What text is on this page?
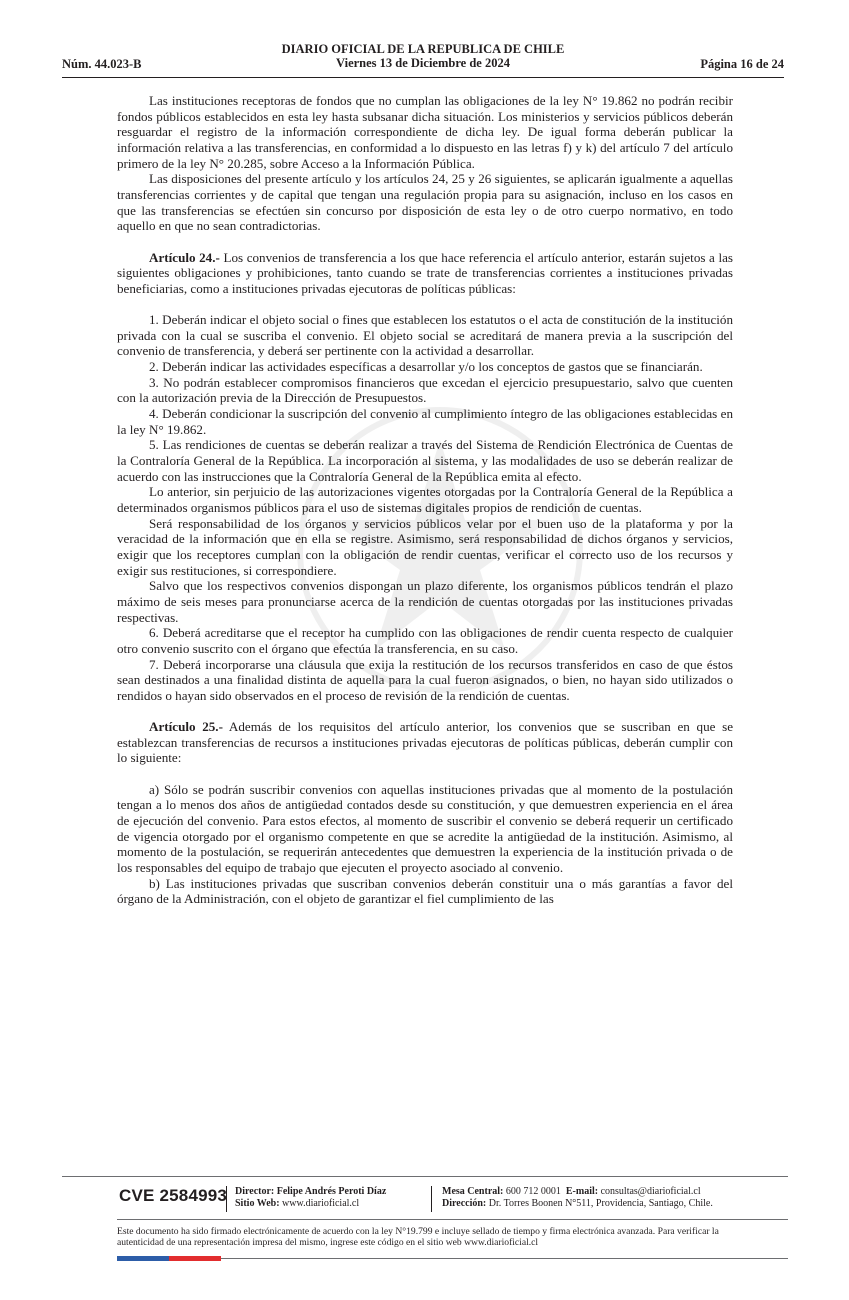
Núm. 44.023-B
DIARIO OFICIAL DE LA REPUBLICA DE CHILE
Viernes 13 de Diciembre de 2024	Página 16 de 24

Las instituciones receptoras de fondos que no cumplan las obligaciones de la ley N° 19.862 no podrán recibir fondos públicos establecidos en esta ley hasta subsanar dicha situación. Los ministerios y servicios públicos deberán resguardar el registro de la información correspondiente de dicha ley. De igual forma deberán publicar la información relativa a las transferencias, en conformidad a lo dispuesto en las letras f) y k) del artículo 7 del artículo primero de la ley N° 20.285, sobre Acceso a la Información Pública.

Las disposiciones del presente artículo y los artículos 24, 25 y 26 siguientes, se aplicarán igualmente a aquellas transferencias corrientes y de capital que tengan una regulación propia para su asignación, incluso en los casos en que las transferencias se efectúen sin concurso por disposición de esta ley o de otro cuerpo normativo, en todo aquello en que no sean contradictorias.

Artículo 24.- Los convenios de transferencia a los que hace referencia el artículo anterior, estarán sujetos a las siguientes obligaciones y prohibiciones, tanto cuando se trate de transferencias corrientes a instituciones privadas beneficiarias, como a instituciones privadas ejecutoras de políticas públicas:

1. Deberán indicar el objeto social o fines que establecen los estatutos o el acta de constitución de la institución privada con la cual se suscriba el convenio. El objeto social se acreditará de manera previa a la suscripción del convenio de transferencia, y deberá ser pertinente con la actividad a desarrollar.

2. Deberán indicar las actividades específicas a desarrollar y/o los conceptos de gastos que se financiarán.

3. No podrán establecer compromisos financieros que excedan el ejercicio presupuestario, salvo que cuenten con la autorización previa de la Dirección de Presupuestos.

4. Deberán condicionar la suscripción del convenio al cumplimiento íntegro de las obligaciones establecidas en la ley N° 19.862.

5. Las rendiciones de cuentas se deberán realizar a través del Sistema de Rendición Electrónica de Cuentas de la Contraloría General de la República. La incorporación al sistema, y las modalidades de uso se deberán realizar de acuerdo con las instrucciones que la Contraloría General de la República emita al efecto.

Lo anterior, sin perjuicio de las autorizaciones vigentes otorgadas por la Contraloría General de la República a determinados organismos públicos para el uso de sistemas digitales propios de rendición de cuentas.

Será responsabilidad de los órganos y servicios públicos velar por el buen uso de la plataforma y por la veracidad de la información que en ella se registre. Asimismo, será responsabilidad de dichos órganos y servicios, exigir que los receptores cumplan con la obligación de rendir cuentas, verificar el correcto uso de los recursos y exigir sus restituciones, si correspondiere.

Salvo que los respectivos convenios dispongan un plazo diferente, los organismos públicos tendrán el plazo máximo de seis meses para pronunciarse acerca de la rendición de cuentas otorgadas por las instituciones privadas respectivas.

6. Deberá acreditarse que el receptor ha cumplido con las obligaciones de rendir cuenta respecto de cualquier otro convenio suscrito con el órgano que efectúa la transferencia, en su caso.

7. Deberá incorporarse una cláusula que exija la restitución de los recursos transferidos en caso de que éstos sean destinados a una finalidad distinta de aquella para la cual fueron asignados, o bien, no hayan sido utilizados o rendidos o hayan sido observados en el proceso de revisión de la rendición de cuentas.

Artículo 25.- Además de los requisitos del artículo anterior, los convenios que se suscriban en que se establezcan transferencias de recursos a instituciones privadas ejecutoras de políticas públicas, deberán cumplir con lo siguiente:

a) Sólo se podrán suscribir convenios con aquellas instituciones privadas que al momento de la postulación tengan a lo menos dos años de antigüedad contados desde su constitución, y que demuestren experiencia en el área de ejecución del convenio. Para estos efectos, al momento de suscribir el convenio se deberá requerir un certificado de vigencia otorgado por el organismo competente en que se acredite la antigüedad de la institución. Asimismo, al momento de la postulación, se requerirán antecedentes que demuestren la experiencia de la institución privada o de los responsables del equipo de trabajo que ejecuten el proyecto asociado al convenio.

b) Las instituciones privadas que suscriban convenios deberán constituir una o más garantías a favor del órgano de la Administración, con el objeto de garantizar el fiel cumplimiento de las

CVE 2584993 Director: Felipe Andrés Peroti Díaz
Sitio Web: www.diarioficial.cl
Mesa Central: 600 712 0001 E-mail: consultas@diarioficial.cl
Dirección: Dr. Torres Boonen N°511, Providencia, Santiago, Chile.
Este documento ha sido firmado electrónicamente de acuerdo con la ley N°19.799 e incluye sellado de tiempo y firma electrónica avanzada. Para verificar la autenticidad de una representación impresa del mismo, ingrese este código en el sitio web www.diarioficial.cl
